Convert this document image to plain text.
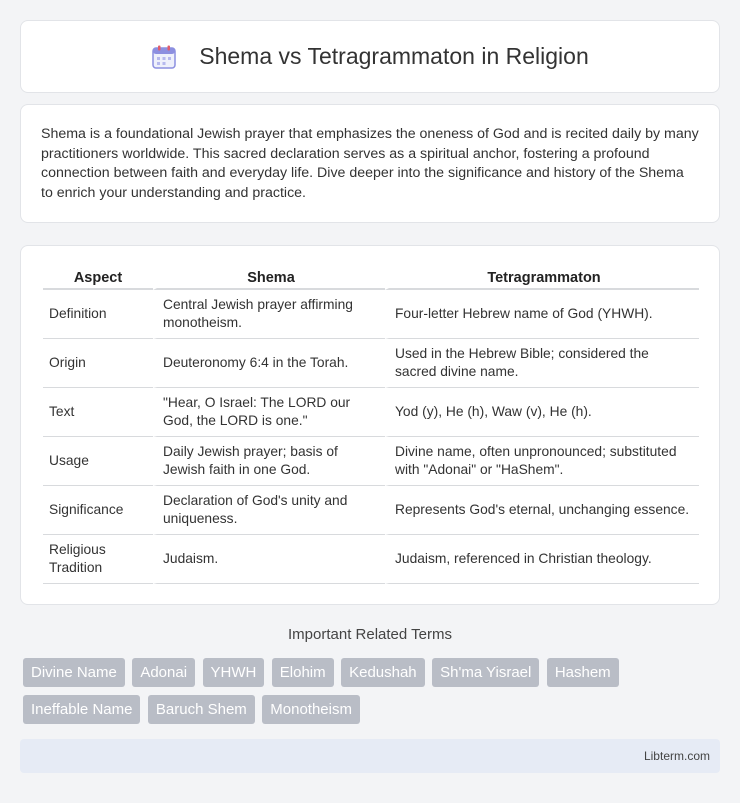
Shema vs Tetragrammaton in Religion

Shema is a foundational Jewish prayer that emphasizes the oneness of God and is recited daily by many practitioners worldwide. This sacred declaration serves as a spiritual anchor, fostering a profound connection between faith and everyday life. Dive deeper into the significance and history of the Shema to enrich your understanding and practice.

Aspect	Shema	Tetragrammaton
Definition	Central Jewish prayer affirming monotheism.	Four-letter Hebrew name of God (YHWH).
Origin	Deuteronomy 6:4 in the Torah.	Used in the Hebrew Bible; considered the sacred divine name.
Text	"Hear, O Israel: The LORD our God, the LORD is one."	Yod (y), He (h), Waw (v), He (h).
Usage	Daily Jewish prayer; basis of Jewish faith in one God.	Divine name, often unpronounced; substituted with "Adonai" or "HaShem".
Significance	Declaration of God's unity and uniqueness.	Represents God's eternal, unchanging essence.
Religious Tradition	Judaism.	Judaism, referenced in Christian theology.
Important Related Terms
Divine Name Adonai YHWH Elohim Kedushah Sh'ma Yisrael Hashem Ineffable Name Baruch Shem Monotheism
Libterm.com
